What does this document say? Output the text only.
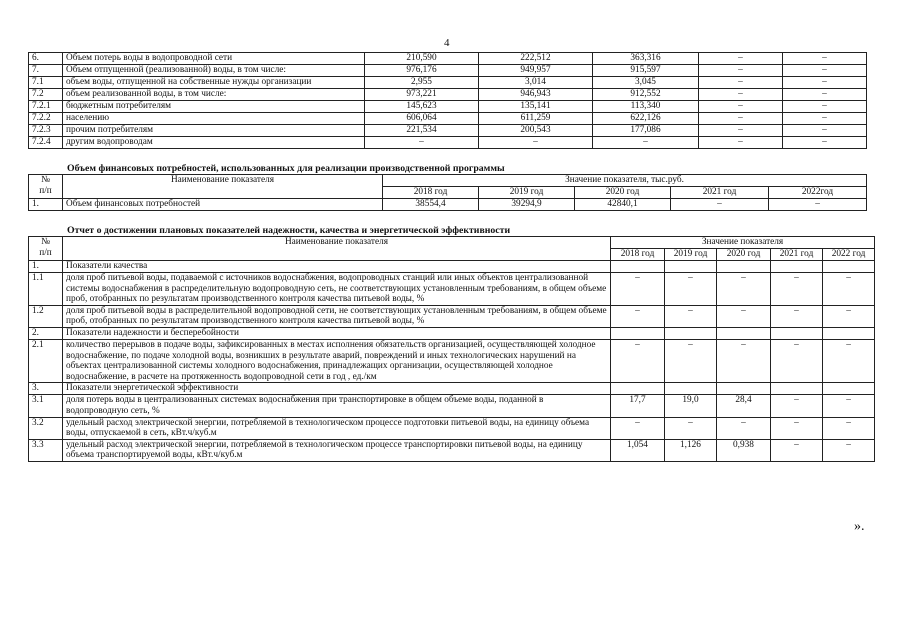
4
6.	Объем потерь воды в водопроводной сети	210,590	222,512	363,316	–	–
7.	Объем отпущенной (реализованной) воды, в том числе:	976,176	949,957	915,597	–	–
7.1	объем воды, отпущенной на собственные нужды организации	2,955	3,014	3,045	–	–
7.2	объем реализованной воды, в том числе:	973,221	946,943	912,552	–	–
7.2.1	бюджетным потребителям	145,623	135,141	113,340	–	–
7.2.2	населению	606,064	611,259	622,126	–	–
7.2.3	прочим потребителям	221,534	200,543	177,086	–	–
7.2.4	другим водопроводам	–	–	–	–	–
Объем финансовых потребностей, использованных для реализации производственной программы
№
п/п	Наименование показателя	Значение показателя, тыс.руб.				
		2018 год	2019 год	2020 год	2021 год	2022год
1.	Объем финансовых потребностей	38554,4	39294,9	42840,1	–	–
Отчет о достижении плановых показателей надежности, качества и энергетической эффективности
№
п/п	Наименование показателя	Значение показателя				
		2018 год	2019 год	2020 год	2021 год	2022 год
1.	Показатели качества					
1.1	доля проб питьевой воды, подаваемой с источников водоснабжения, водопроводных станций или иных объектов централизованной системы водоснабжения в распределительную водопроводную сеть, не соответствующих установленным требованиям, в общем объеме проб, отобранных по результатам производственного контроля качества питьевой воды, %	–	–	–	–	–
1.2	доля проб питьевой воды в распределительной водопроводной сети, не соответствующих установленным требованиям, в общем объеме проб, отобранных по результатам производственного контроля качества питьевой воды, %	–	–	–	–	–
2.	Показатели надежности и бесперебойности					
2.1	количество перерывов в подаче воды, зафиксированных в местах исполнения обязательств организацией, осуществляющей холодное водоснабжение, по подаче холодной воды, возникших в результате аварий, повреждений и иных технологических нарушений на объектах централизованной системы холодного водоснабжения, принадлежащих организации, осуществляющей холодное водоснабжение, в расчете на протяженность водопроводной сети в год , ед./км	–	–	–	–	–
3.	Показатели энергетической эффективности					
3.1	доля потерь воды в централизованных системах водоснабжения при транспортировке в общем объеме воды, поданной в водопроводную сеть, %	17,7	19,0	28,4	–	–
3.2	удельный расход электрической энергии, потребляемой в технологическом процессе подготовки питьевой воды, на единицу объема воды, отпускаемой в сеть, кВт.ч/куб.м	–	–	–	–	–
3.3	удельный расход электрической энергии, потребляемой в технологическом процессе транспортировки питьевой воды, на единицу объема транспортируемой воды, кВт.ч/куб.м	1,054	1,126	0,938	–	–
».
